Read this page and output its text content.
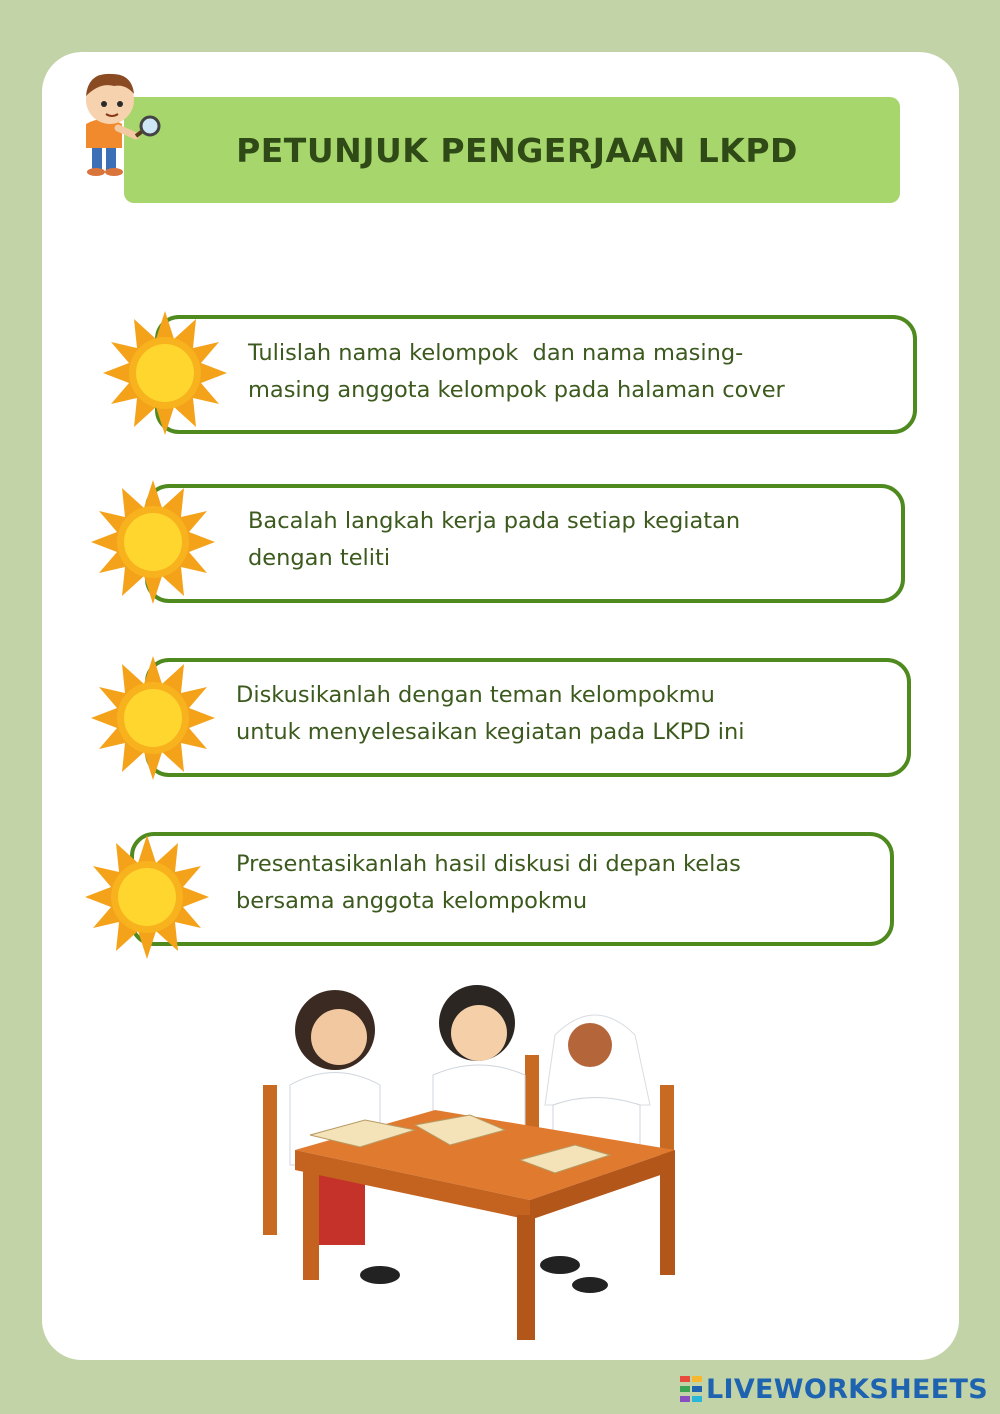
PETUNJUK PENGERJAAN LKPD
Tulislah nama kelompok  dan nama masing-
masing anggota kelompok pada halaman cover
Bacalah langkah kerja pada setiap kegiatan
dengan teliti
Diskusikanlah dengan teman kelompokmu
untuk menyelesaikan kegiatan pada LKPD ini
Presentasikanlah hasil diskusi di depan kelas
bersama anggota kelompokmu
LIVEWORKSHEETS
